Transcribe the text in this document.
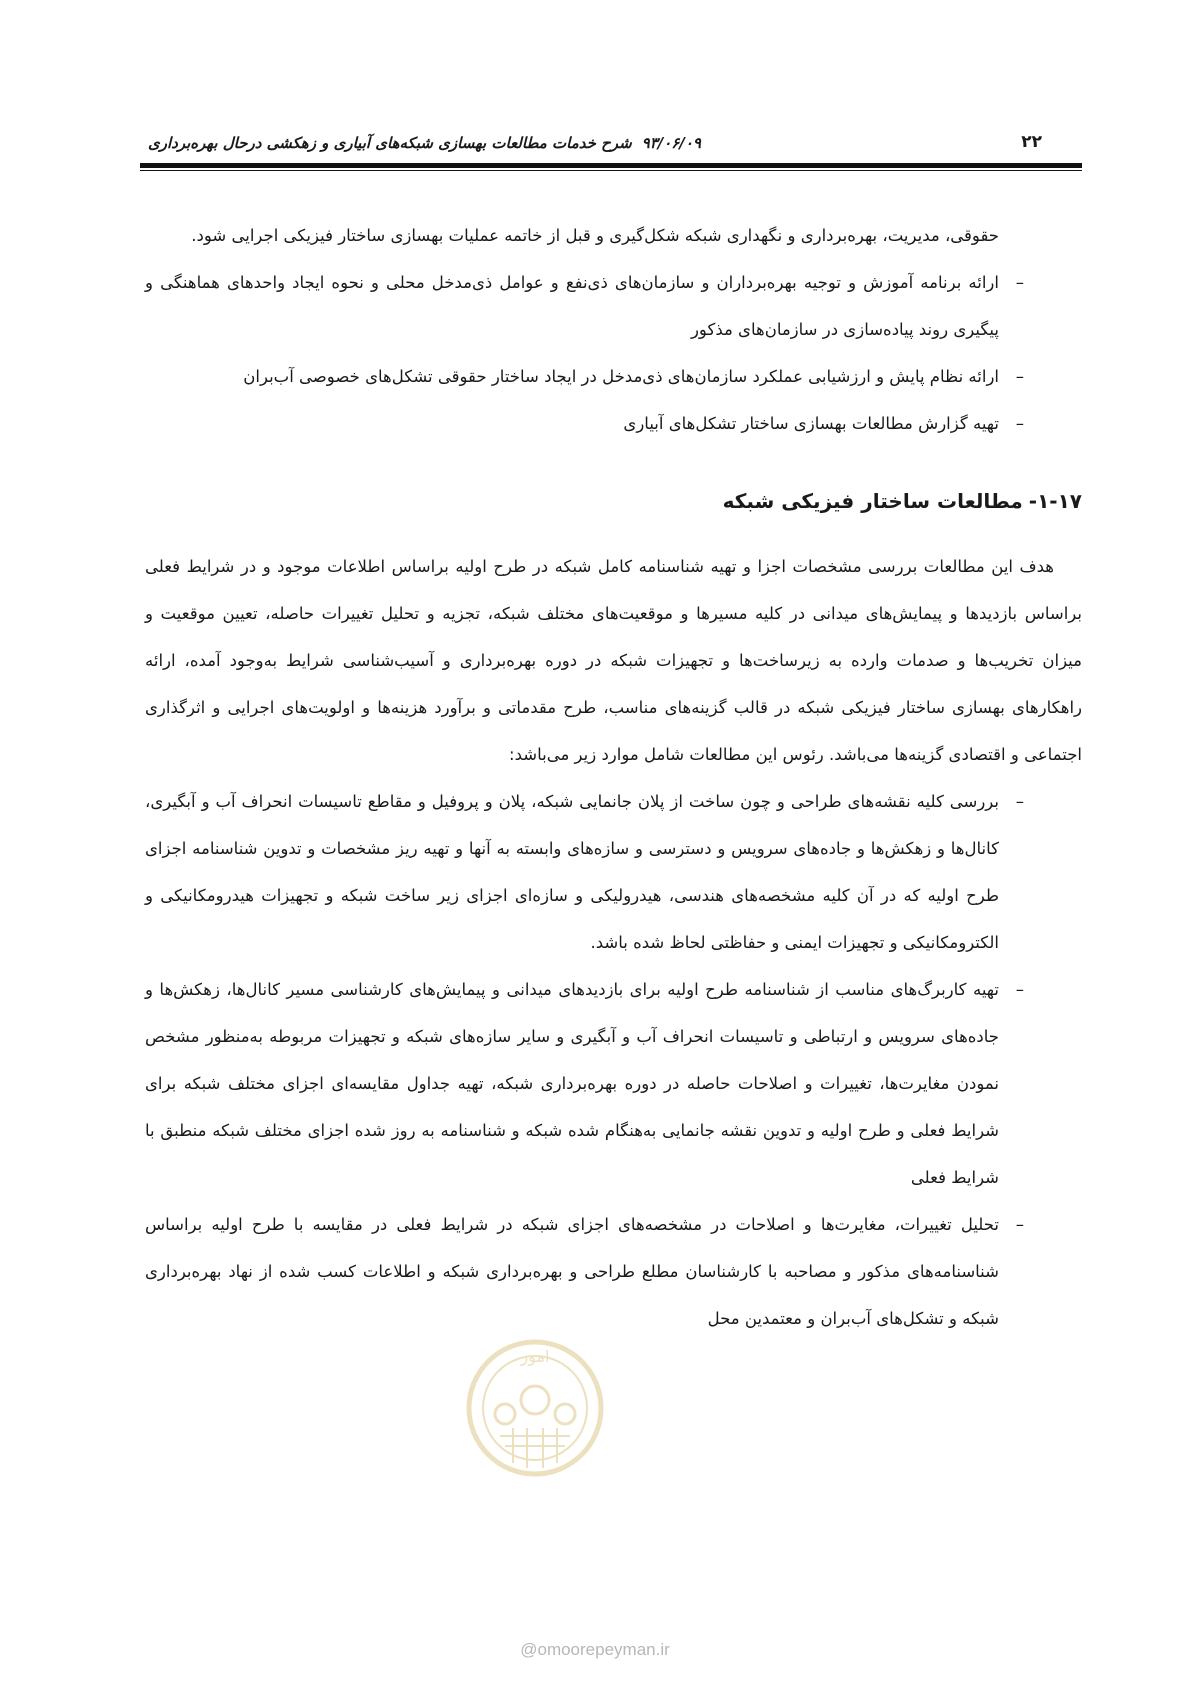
۲۲
۹۳/۰۶/۰۹شرح خدمات مطالعات بهسازی شبکه‌های آبیاری و زهکشی درحال بهره‌برداری

حقوقی، مدیریت، بهره‌برداری و نگهداری شبکه شکل‌گیری و قبل از خاتمه عملیات بهسازی ساختار فیزیکی اجرایی شود.

–
ارائه برنامه آموزش و توجیه بهره‌برداران و سازمان‌های ذی‌نفع و عوامل ذی‌مدخل محلی و نحوه ایجاد واحدهای هماهنگی و پیگیری روند پیاده‌سازی در سازمان‌های مذکور
–
ارائه نظام پایش و ارزشیابی عملکرد سازمان‌های ذی‌مدخل در ایجاد ساختار حقوقی تشکل‌های خصوصی آب‌بران
–
تهیه گزارش مطالعات بهسازی ساختار تشکل‌های آبیاری
۱-۱۷-مطالعات ساختار فیزیکی شبکه

هدف این مطالعات بررسی مشخصات اجزا و تهیه شناسنامه کامل شبکه در طرح اولیه براساس اطلاعات موجود و در شرایط فعلی براساس بازدیدها و پیمایش‌های میدانی در کلیه مسیرها و موقعیت‌های مختلف شبکه، تجزیه و تحلیل تغییرات حاصله، تعیین موقعیت و میزان تخریب‌ها و صدمات وارده به زیرساخت‌ها و تجهیزات شبکه در دوره بهره‌برداری و آسیب‌شناسی شرایط به‌وجود آمده، ارائه راهکارهای بهسازی ساختار فیزیکی شبکه در قالب گزینه‌های مناسب، طرح مقدماتی و برآورد هزینه‌ها و اولویت‌های اجرایی و اثرگذاری اجتماعی و اقتصادی گزینه‌ها می‌باشد. رئوس این مطالعات شامل موارد زیر می‌باشد:

–
بررسی کلیه نقشه‌های طراحی و چون ساخت از پلان جانمایی شبکه، پلان و پروفیل و مقاطع تاسیسات انحراف آب و آبگیری، کانال‌ها و زهکش‌ها و جاده‌های سرویس و دسترسی و سازه‌های وابسته به آنها و تهیه ریز مشخصات و تدوین شناسنامه اجزای طرح اولیه که در آن کلیه مشخصه‌های هندسی، هیدرولیکی و سازه‌ای اجزای زیر ساخت شبکه و تجهیزات هیدرومکانیکی و الکترومکانیکی و تجهیزات ایمنی و حفاظتی لحاظ شده باشد.
–
تهیه کاربرگ‌های مناسب از شناسنامه طرح اولیه برای بازدیدهای میدانی و پیمایش‌های کارشناسی مسیر کانال‌ها، زهکش‌ها و جاده‌های سرویس و ارتباطی و تاسیسات انحراف آب و آبگیری و سایر سازه‌های شبکه و تجهیزات مربوطه به‌منظور مشخص نمودن مغایرت‌ها، تغییرات و اصلاحات حاصله در دوره بهره‌برداری شبکه، تهیه جداول مقایسه‌ای اجزای مختلف شبکه برای شرایط فعلی و طرح اولیه و تدوین نقشه جانمایی به‌هنگام شده شبکه و شناسنامه به روز شده اجزای مختلف شبکه منطبق با شرایط فعلی
–
تحلیل تغییرات، مغایرت‌ها و اصلاحات در مشخصه‌های اجزای شبکه در شرایط فعلی در مقایسه با طرح اولیه براساس شناسنامه‌های مذکور و مصاحبه با کارشناسان مطلع طراحی و بهره‌برداری شبکه و اطلاعات کسب شده از نهاد بهره‌برداری شبکه و تشکل‌های آب‌بران و معتمدین محل
امور
@omoorepeyman.ir
